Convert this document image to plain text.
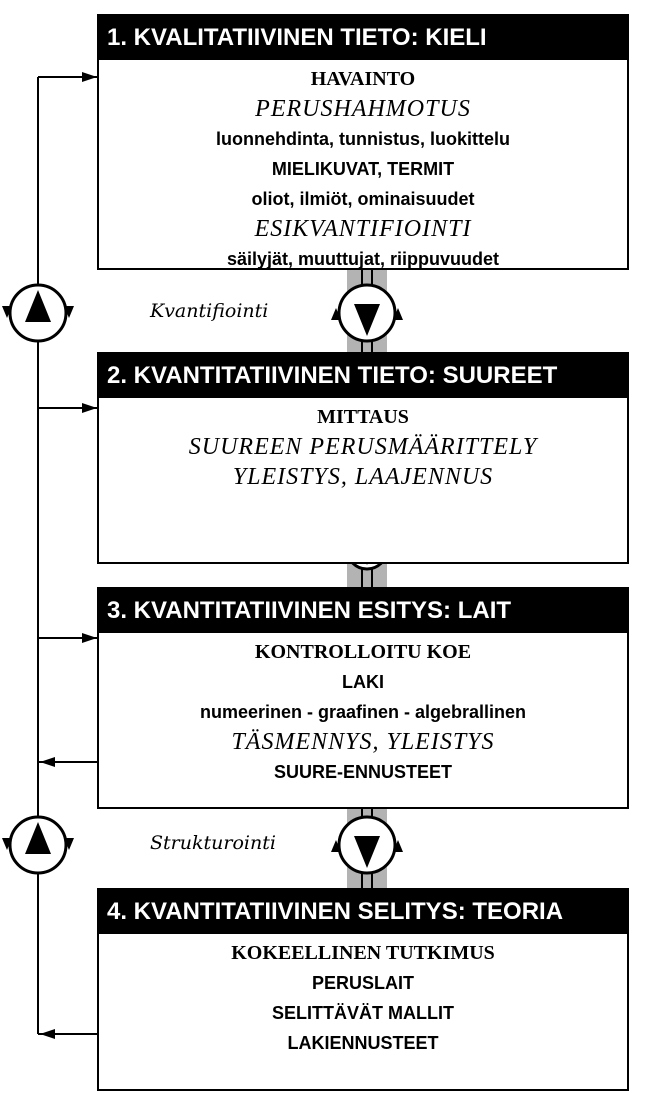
1. KVALITATIIVINEN TIETO: KIELI
HAVAINTO
PERUSHAHMOTUS
luonnehdinta, tunnistus, luokittelu
MIELIKUVAT, TERMIT
oliot, ilmiöt, ominaisuudet
ESIKVANTIFIOINTI
säilyjät, muuttujat, riippuvuudet
Kvantifiointi
2. KVANTITATIIVINEN TIETO: SUUREET
MITTAUS
SUUREEN PERUSMÄÄRITTELY
YLEISTYS, LAAJENNUS
3. KVANTITATIIVINEN ESITYS: LAIT
KONTROLLOITU KOE
LAKI
numeerinen - graafinen - algebrallinen
TÄSMENNYS, YLEISTYS
SUURE-ENNUSTEET
Strukturointi
4. KVANTITATIIVINEN SELITYS: TEORIA
KOKEELLINEN TUTKIMUS
PERUSLAIT
SELITTÄVÄT MALLIT
LAKIENNUSTEET
